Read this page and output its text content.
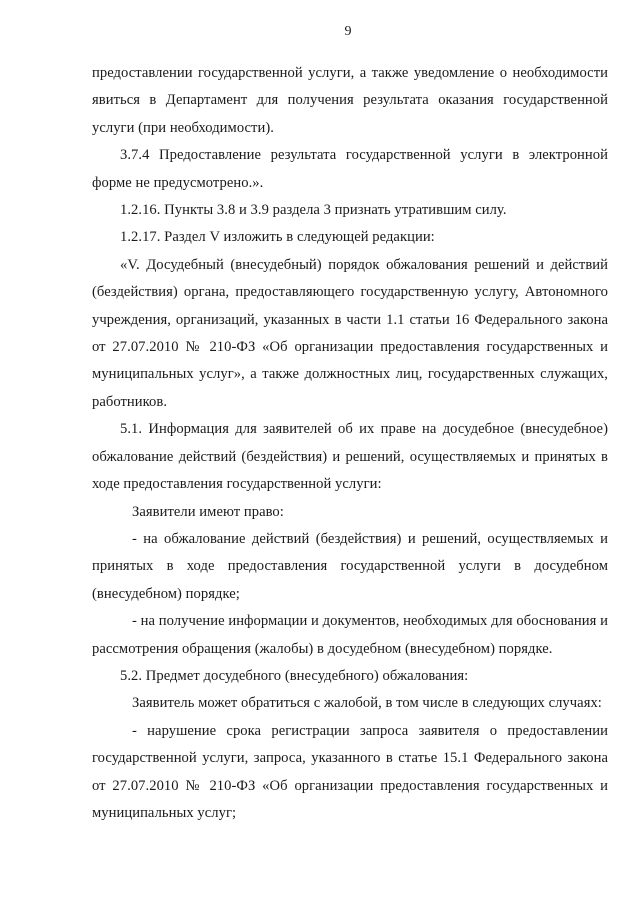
9

предоставлении государственной услуги, а также уведомление о необходимости явиться в Департамент для получения результата оказания государственной услуги (при необходимости).

3.7.4 Предоставление результата государственной услуги в электронной форме не предусмотрено.».

1.2.16. Пункты 3.8 и 3.9 раздела 3 признать утратившим силу.

1.2.17. Раздел V изложить в следующей редакции:

«V. Досудебный (внесудебный) порядок обжалования решений и действий (бездействия) органа, предоставляющего государственную услугу, Автономного учреждения, организаций, указанных в части 1.1 статьи 16 Федерального закона от 27.07.2010 № 210-ФЗ «Об организации предоставления государственных и муниципальных услуг», а также должностных лиц, государственных служащих, работников.

5.1. Информация для заявителей об их праве на досудебное (внесудебное) обжалование действий (бездействия) и решений, осуществляемых и принятых в ходе предоставления государственной услуги:

Заявители имеют право:

- на обжалование действий (бездействия) и решений, осуществляемых и принятых в ходе предоставления государственной услуги в досудебном (внесудебном) порядке;

- на получение информации и документов, необходимых для обоснования и рассмотрения обращения (жалобы) в досудебном (внесудебном) порядке.

5.2. Предмет досудебного (внесудебного) обжалования:

Заявитель может обратиться с жалобой, в том числе в следующих случаях:

- нарушение срока регистрации запроса заявителя о предоставлении государственной услуги, запроса, указанного в статье 15.1 Федерального закона от 27.07.2010 № 210-ФЗ «Об организации предоставления государственных и муниципальных услуг;
